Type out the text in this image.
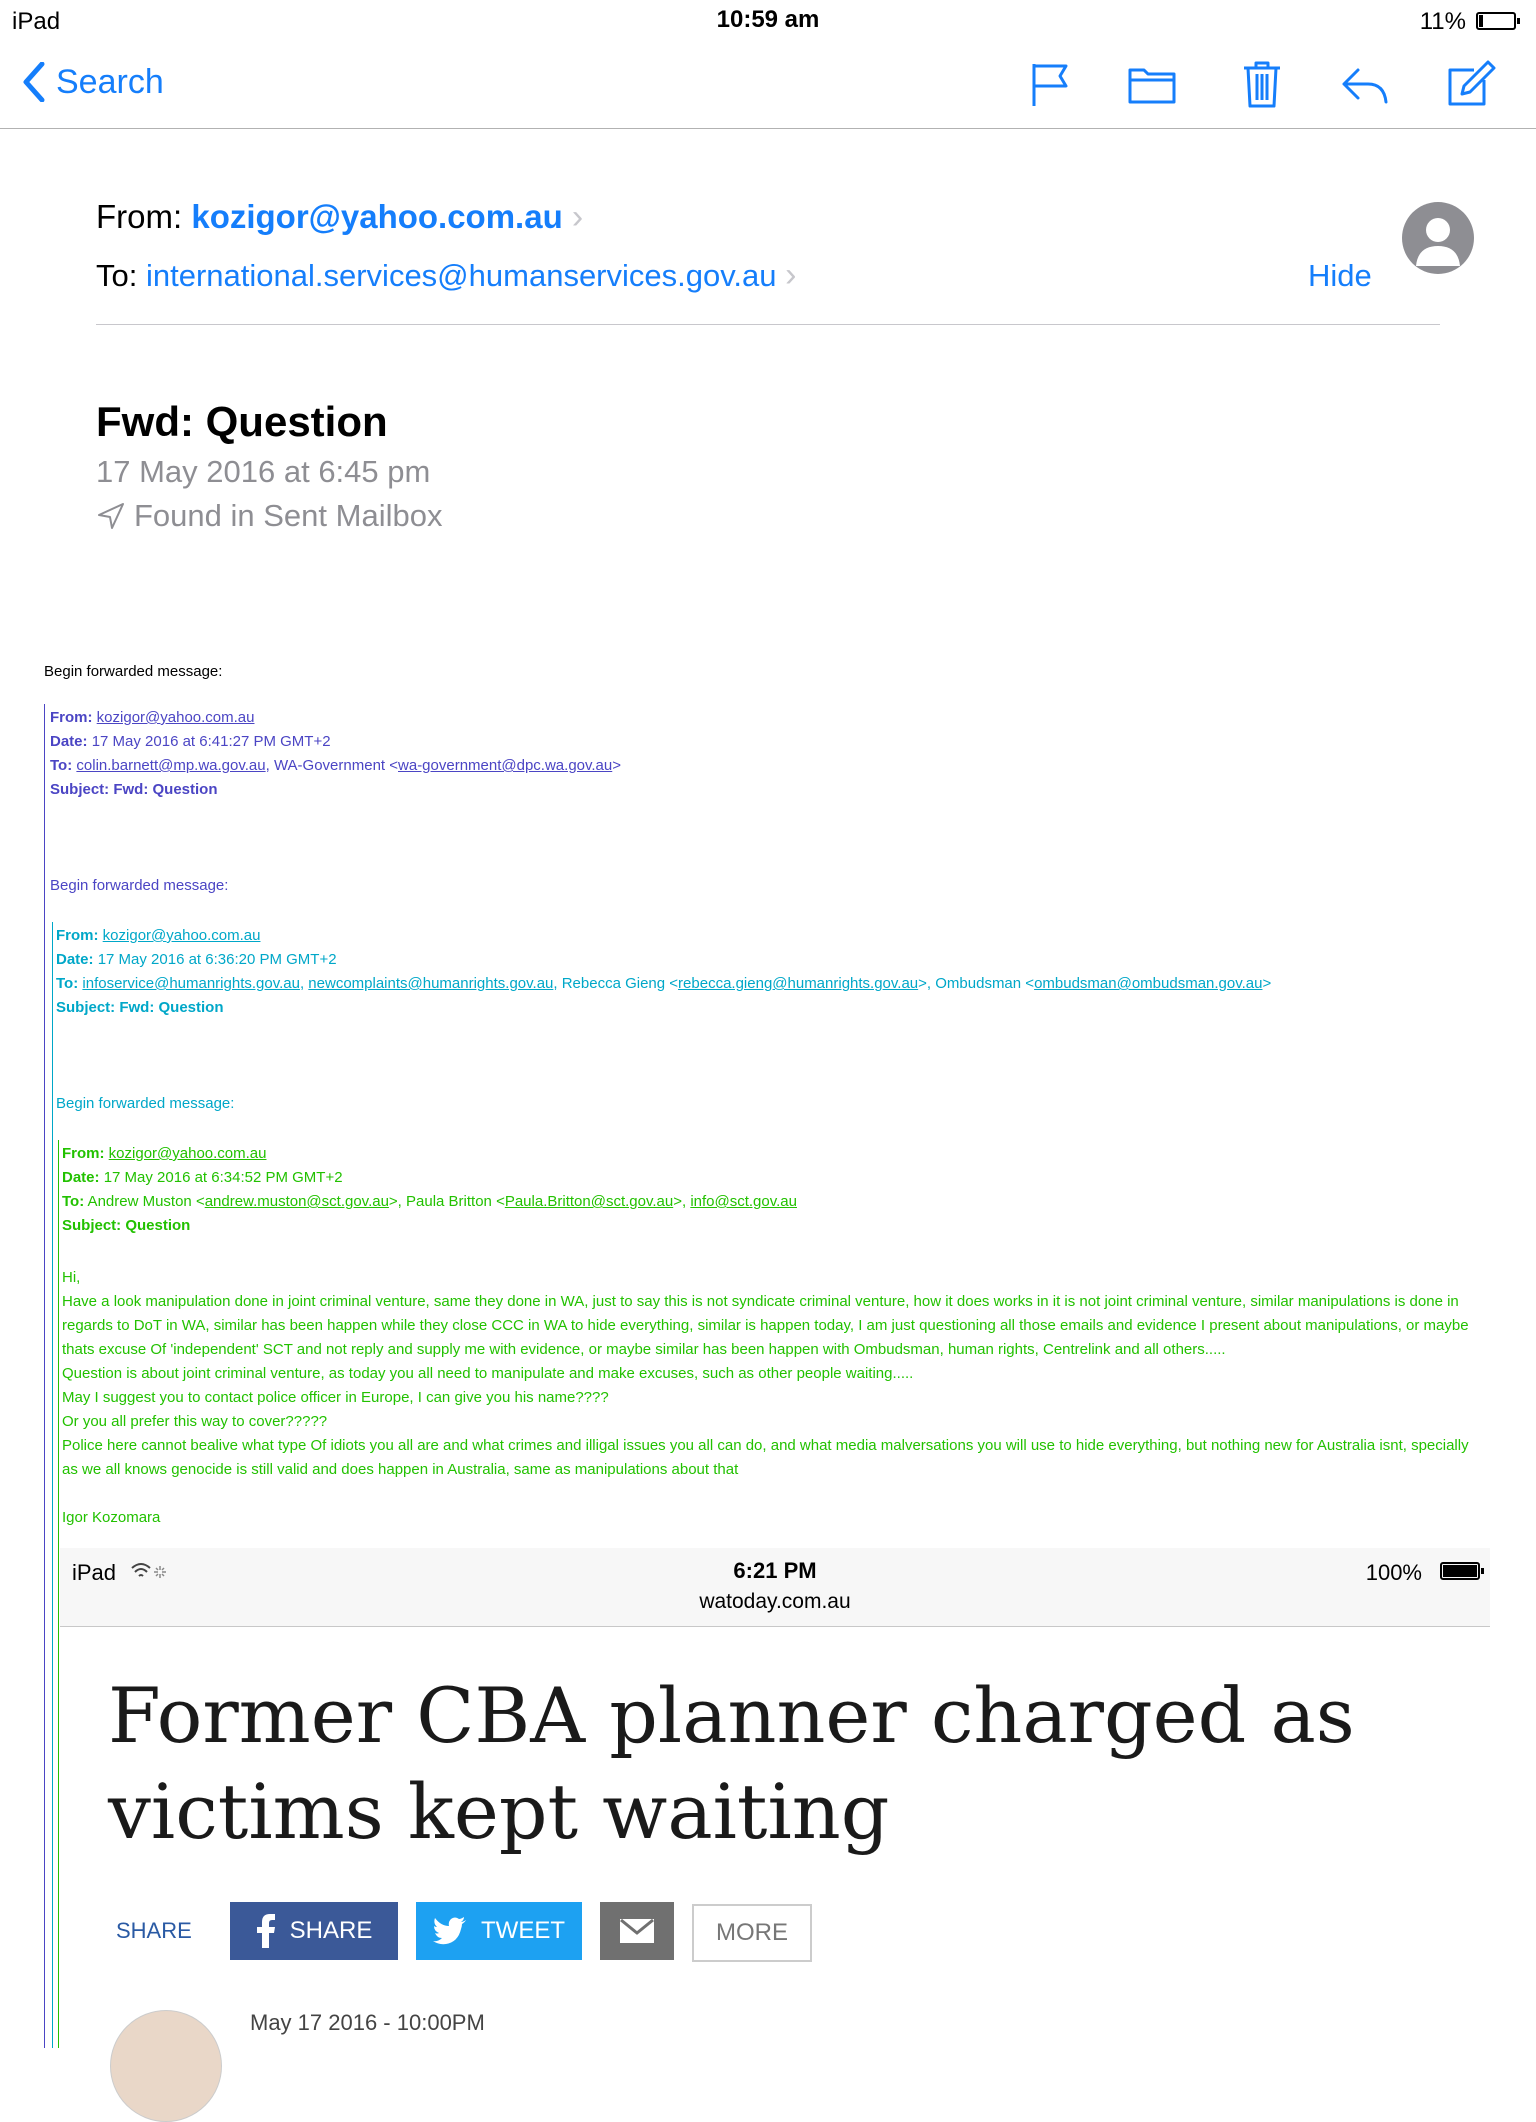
iPad	10:59 am	11%
Search
From: kozigor@yahoo.com.au ›
To: international.services@humanservices.gov.au ›	Hide
Fwd: Question
17 May 2016 at 6:45 pm
Found in Sent Mailbox
Begin forwarded message:
From: kozigor@yahoo.com.au
Date: 17 May 2016 at 6:41:27 PM GMT+2
To: colin.barnett@mp.wa.gov.au, WA-Government <wa-government@dpc.wa.gov.au>
Subject: Fwd: Question
Begin forwarded message:
From: kozigor@yahoo.com.au
Date: 17 May 2016 at 6:36:20 PM GMT+2
To: infoservice@humanrights.gov.au, newcomplaints@humanrights.gov.au, Rebecca Gieng <rebecca.gieng@humanrights.gov.au>, Ombudsman <ombudsman@ombudsman.gov.au>
Subject: Fwd: Question
Begin forwarded message:
From: kozigor@yahoo.com.au
Date: 17 May 2016 at 6:34:52 PM GMT+2
To: Andrew Muston <andrew.muston@sct.gov.au>, Paula Britton <Paula.Britton@sct.gov.au>, info@sct.gov.au
Subject: Question
Hi,
Have a look manipulation done in joint criminal venture, same they done in WA, just to say this is not syndicate criminal venture, how it does works in it is not joint criminal venture, similar manipulations is done in regards to DoT in WA, similar has been happen while they close CCC in WA to hide everything, similar is happen today, I am just questioning all those emails and evidence I present about manipulations, or maybe thats excuse Of 'independent' SCT and not reply and supply me with evidence, or maybe similar has been happen with Ombudsman, human rights, Centrelink and all others.....
Question is about joint criminal venture, as today you all need to manipulate and make excuses, such as other people waiting.....
May I suggest you to contact police officer in Europe, I can give you his name????
Or you all prefer this way to cover?????
Police here cannot bealive what type Of idiots you all are and what crimes and illigal issues you all can do, and what media malversations you will use to hide everything, but nothing new for Australia isnt, specially as we all knows genocide is still valid and does happen in Australia, same as manipulations about that
Igor Kozomara
iPad	6:21 PM
watoday.com.au
100%
Former CBA planner charged as victims kept waiting
SHARE	SHARE	TWEET	MORE
May 17 2016 - 10:00PM
